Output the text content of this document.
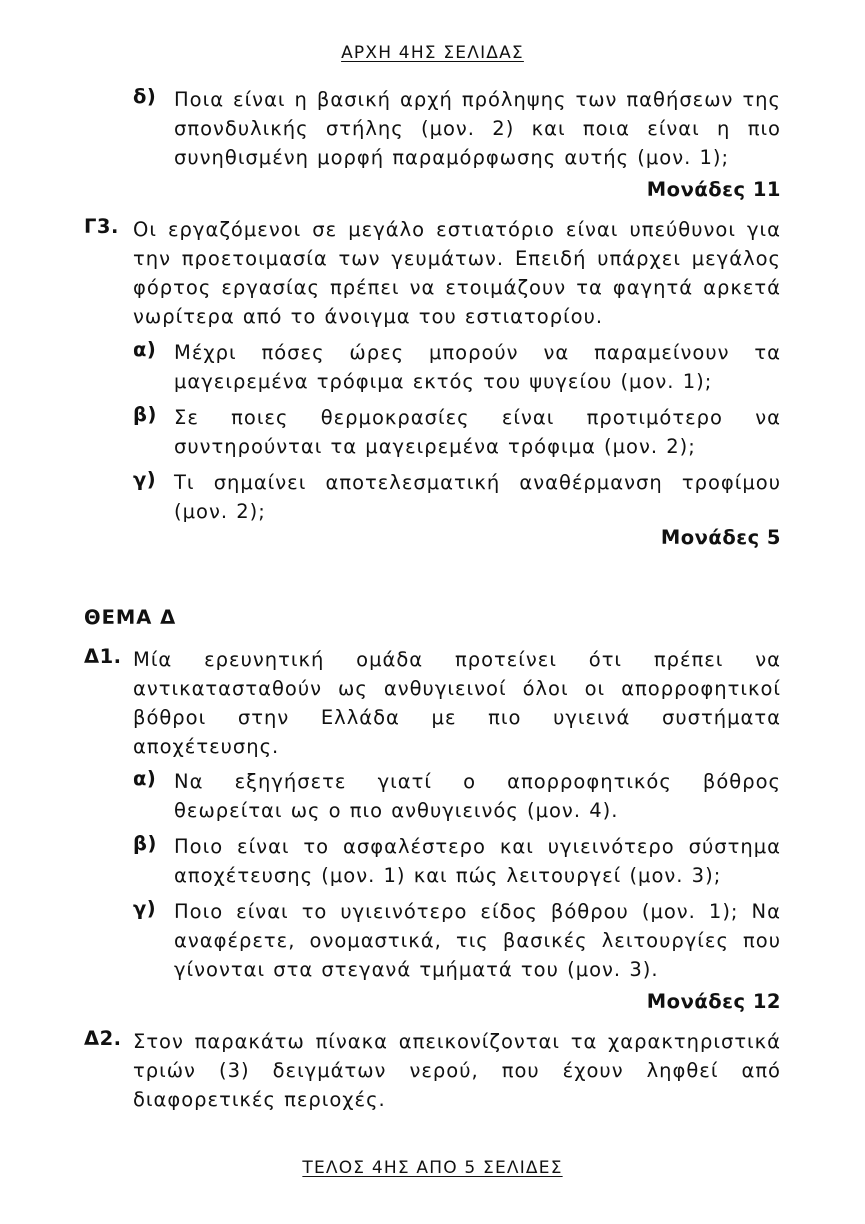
ΑΡΧΗ 4ΗΣ ΣΕΛΙΔΑΣ
δ) Ποια είναι η βασική αρχή πρόληψης των παθήσεων της σπονδυλικής στήλης (μον. 2) και ποια είναι η πιο συνηθισμένη μορφή παραμόρφωσης αυτής (μον. 1);
Μονάδες 11
Γ3. Οι εργαζόμενοι σε μεγάλο εστιατόριο είναι υπεύθυνοι για την προετοιμασία των γευμάτων. Επειδή υπάρχει μεγάλος φόρτος εργασίας πρέπει να ετοιμάζουν τα φαγητά αρκετά νωρίτερα από το άνοιγμα του εστιατορίου.
α) Μέχρι πόσες ώρες μπορούν να παραμείνουν τα μαγειρεμένα τρόφιμα εκτός του ψυγείου (μον. 1);
β) Σε ποιες θερμοκρασίες είναι προτιμότερο να συντηρούνται τα μαγειρεμένα τρόφιμα (μον. 2);
γ) Τι σημαίνει αποτελεσματική αναθέρμανση τροφίμου (μον. 2);
Μονάδες 5
ΘΕΜΑ Δ
Δ1. Μία ερευνητική ομάδα προτείνει ότι πρέπει να αντικατασταθούν ως ανθυγιεινοί όλοι οι απορροφητικοί βόθροι στην Ελλάδα με πιο υγιεινά συστήματα αποχέτευσης.
α) Να εξηγήσετε γιατί ο απορροφητικός βόθρος θεωρείται ως ο πιο ανθυγιεινός (μον. 4).
β) Ποιο είναι το ασφαλέστερο και υγιεινότερο σύστημα αποχέτευσης (μον. 1) και πώς λειτουργεί (μον. 3);
γ) Ποιο είναι το υγιεινότερο είδος βόθρου (μον. 1); Να αναφέρετε, ονομαστικά, τις βασικές λειτουργίες που γίνονται στα στεγανά τμήματά του (μον. 3).
Μονάδες 12
Δ2. Στον παρακάτω πίνακα απεικονίζονται τα χαρακτηριστικά τριών (3) δειγμάτων νερού, που έχουν ληφθεί από διαφορετικές περιοχές.
ΤΕΛΟΣ 4ΗΣ ΑΠΟ 5 ΣΕΛΙΔΕΣ
